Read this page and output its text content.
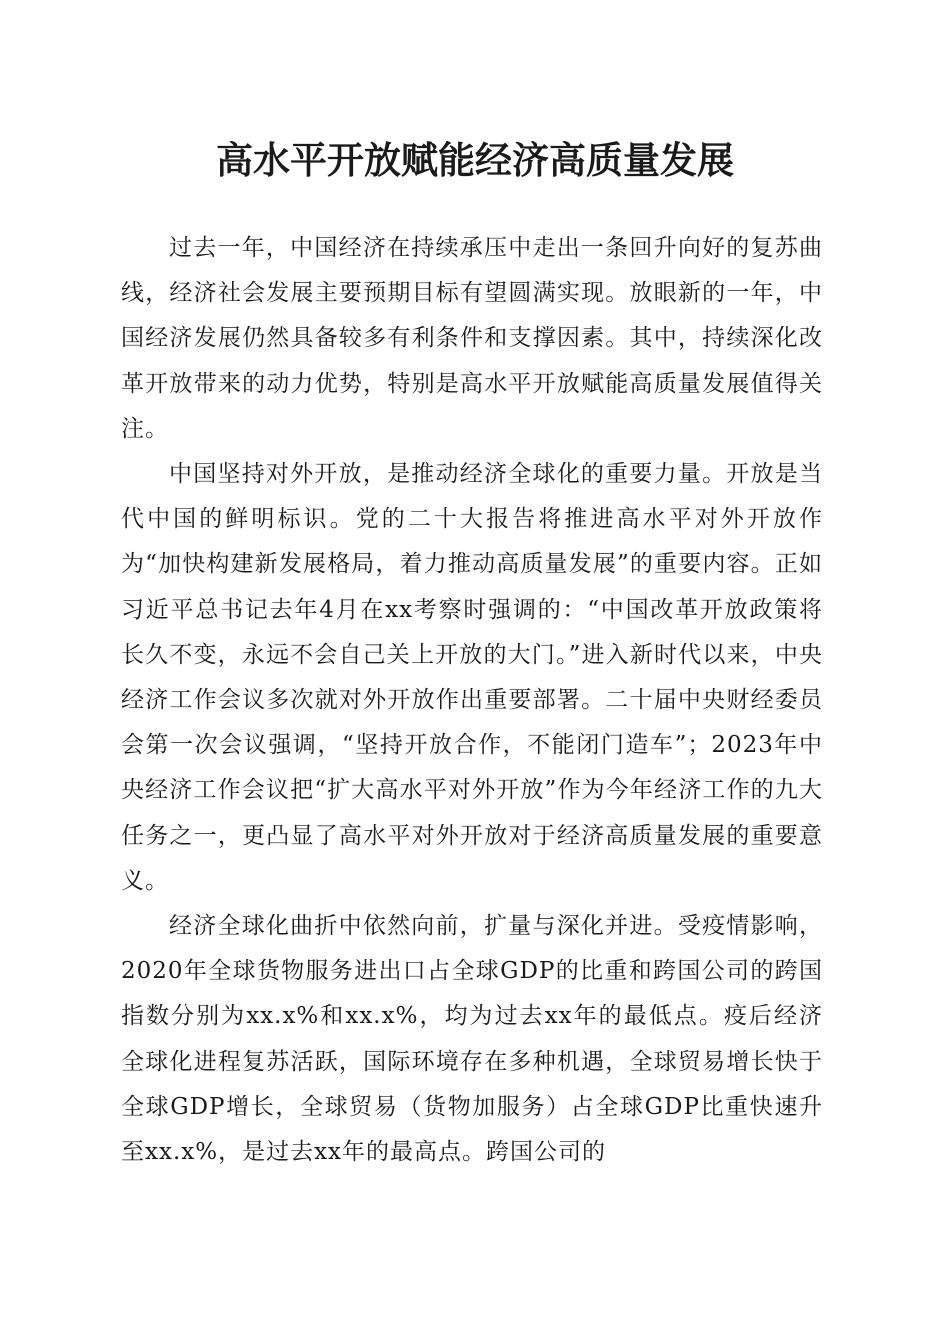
高水平开放赋能经济高质量发展

过去一年，中国经济在持续承压中走出一条回升向好的复苏曲线，经济社会发展主要预期目标有望圆满实现。放眼新的一年，中国经济发展仍然具备较多有利条件和支撑因素。其中，持续深化改革开放带来的动力优势，特别是高水平开放赋能高质量发展值得关注。

中国坚持对外开放，是推动经济全球化的重要力量。开放是当代中国的鲜明标识。党的二十大报告将推进高水平对外开放作为“加快构建新发展格局，着力推动高质量发展”的重要内容。正如习近平总书记去年4月在xx考察时强调的：“中国改革开放政策将长久不变，永远不会自己关上开放的大门。”进入新时代以来，中央经济工作会议多次就对外开放作出重要部署。二十届中央财经委员会第一次会议强调，“坚持开放合作，不能闭门造车”；2023年中央经济工作会议把“扩大高水平对外开放”作为今年经济工作的九大任务之一，更凸显了高水平对外开放对于经济高质量发展的重要意义。

经济全球化曲折中依然向前，扩量与深化并进。受疫情影响，2020年全球货物服务进出口占全球GDP的比重和跨国公司的跨国指数分别为xx.x%和xx.x%，均为过去xx年的最低点。疫后经济全球化进程复苏活跃，国际环境存在多种机遇，全球贸易增长快于全球GDP增长，全球贸易（货物加服务）占全球GDP比重快速升至xx.x%，是过去xx年的最高点。跨国公司的
